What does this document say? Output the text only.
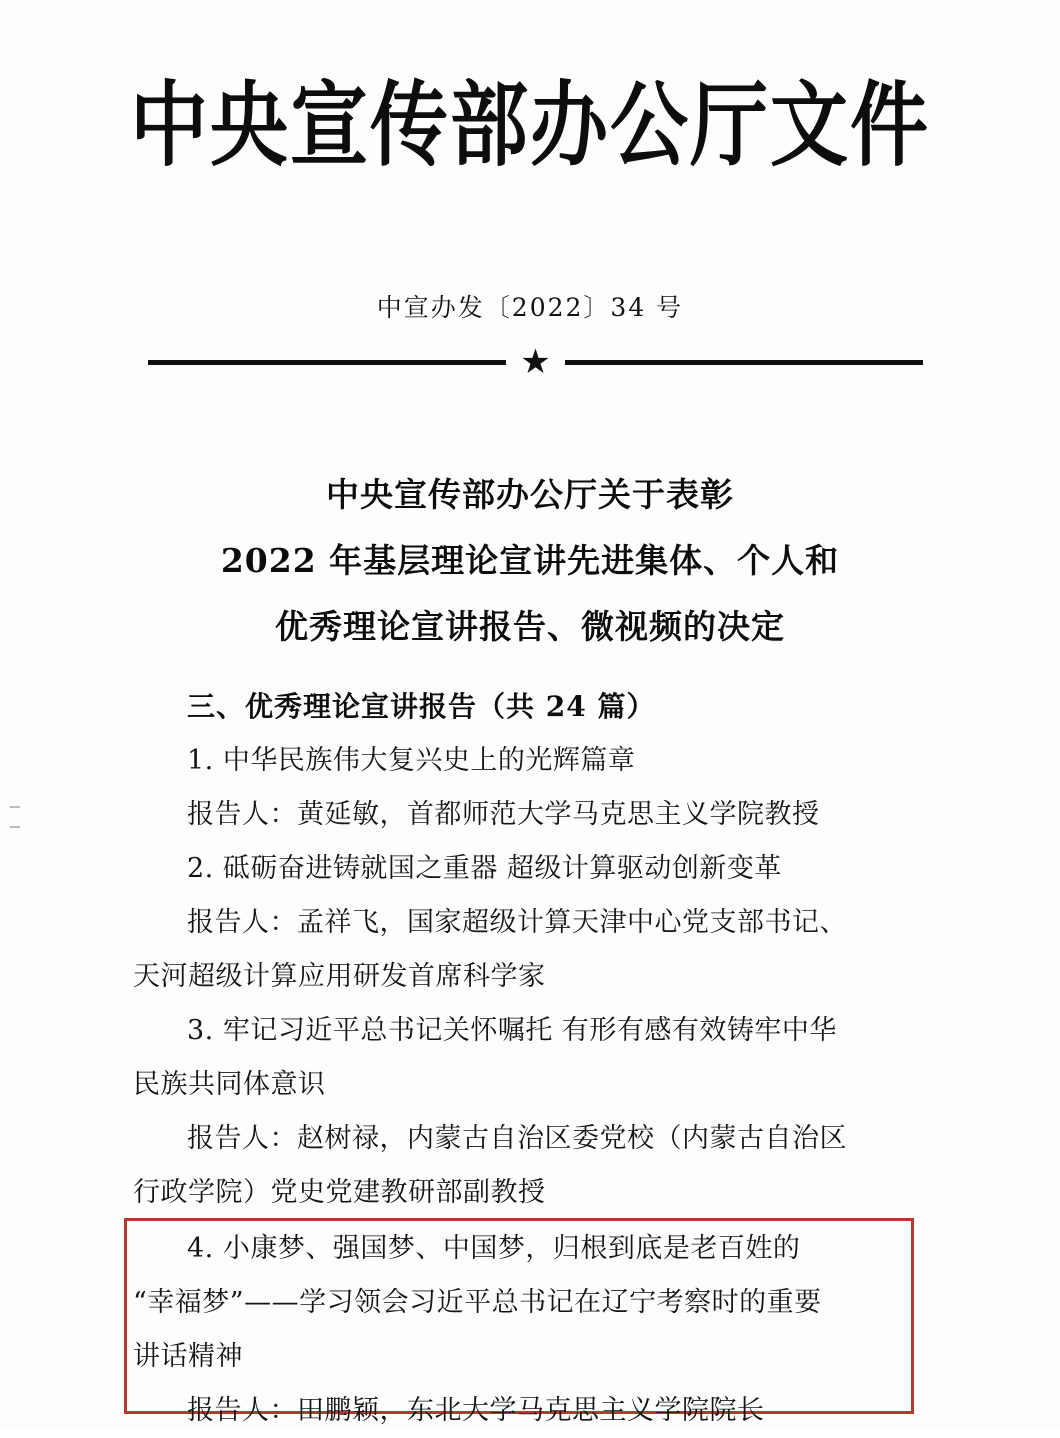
中央宣传部办公厅文件
中宣办发〔2022〕34 号
★
中央宣传部办公厅关于表彰
2022 年基层理论宣讲先进集体、个人和
优秀理论宣讲报告、微视频的决定
三、优秀理论宣讲报告（共 24 篇）
1. 中华民族伟大复兴史上的光辉篇章
报告人：黄延敏，首都师范大学马克思主义学院教授
2. 砥砺奋进铸就国之重器 超级计算驱动创新变革
报告人：孟祥飞，国家超级计算天津中心党支部书记、
天河超级计算应用研发首席科学家
3. 牢记习近平总书记关怀嘱托 有形有感有效铸牢中华
民族共同体意识
报告人：赵树禄，内蒙古自治区委党校（内蒙古自治区
行政学院）党史党建教研部副教授
4. 小康梦、强国梦、中国梦，归根到底是老百姓的
“幸福梦”——学习领会习近平总书记在辽宁考察时的重要
讲话精神
报告人：田鹏颖，东北大学马克思主义学院院长
